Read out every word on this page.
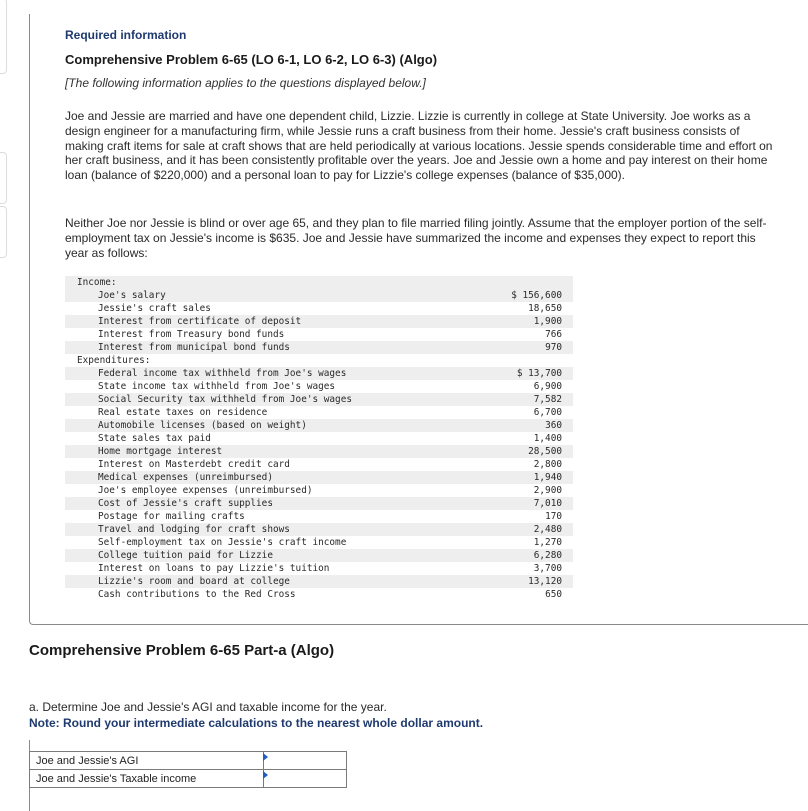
Required information
Comprehensive Problem 6-65 (LO 6-1, LO 6-2, LO 6-3) (Algo)
[The following information applies to the questions displayed below.]

Joe and Jessie are married and have one dependent child, Lizzie. Lizzie is currently in college at State University. Joe works as a design engineer for a manufacturing firm, while Jessie runs a craft business from their home. Jessie's craft business consists of making craft items for sale at craft shows that are held periodically at various locations. Jessie spends considerable time and effort on her craft business, and it has been consistently profitable over the years. Joe and Jessie own a home and pay interest on their home loan (balance of $220,000) and a personal loan to pay for Lizzie's college expenses (balance of $35,000).

Neither Joe nor Jessie is blind or over age 65, and they plan to file married filing jointly. Assume that the employer portion of the self-employment tax on Jessie's income is $635. Joe and Jessie have summarized the income and expenses they expect to report this year as follows:

Income:
Joe's salary	$ 156,600
Jessie's craft sales	18,650
Interest from certificate of deposit	1,900
Interest from Treasury bond funds	766
Interest from municipal bond funds	970
Expenditures:
Federal income tax withheld from Joe's wages	$ 13,700
State income tax withheld from Joe's wages	6,900
Social Security tax withheld from Joe's wages	7,582
Real estate taxes on residence	6,700
Automobile licenses (based on weight)	360
State sales tax paid	1,400
Home mortgage interest	28,500
Interest on Masterdebt credit card	2,800
Medical expenses (unreimbursed)	1,940
Joe's employee expenses (unreimbursed)	2,900
Cost of Jessie's craft supplies	7,010
Postage for mailing crafts	170
Travel and lodging for craft shows	2,480
Self-employment tax on Jessie's craft income	1,270
College tuition paid for Lizzie	6,280
Interest on loans to pay Lizzie's tuition	3,700
Lizzie's room and board at college	13,120
Cash contributions to the Red Cross	650
Comprehensive Problem 6-65 Part-a (Algo)
a. Determine Joe and Jessie's AGI and taxable income for the year.
Note: Round your intermediate calculations to the nearest whole dollar amount.
Joe and Jessie's AGI	

Joe and Jessie's Taxable income	
